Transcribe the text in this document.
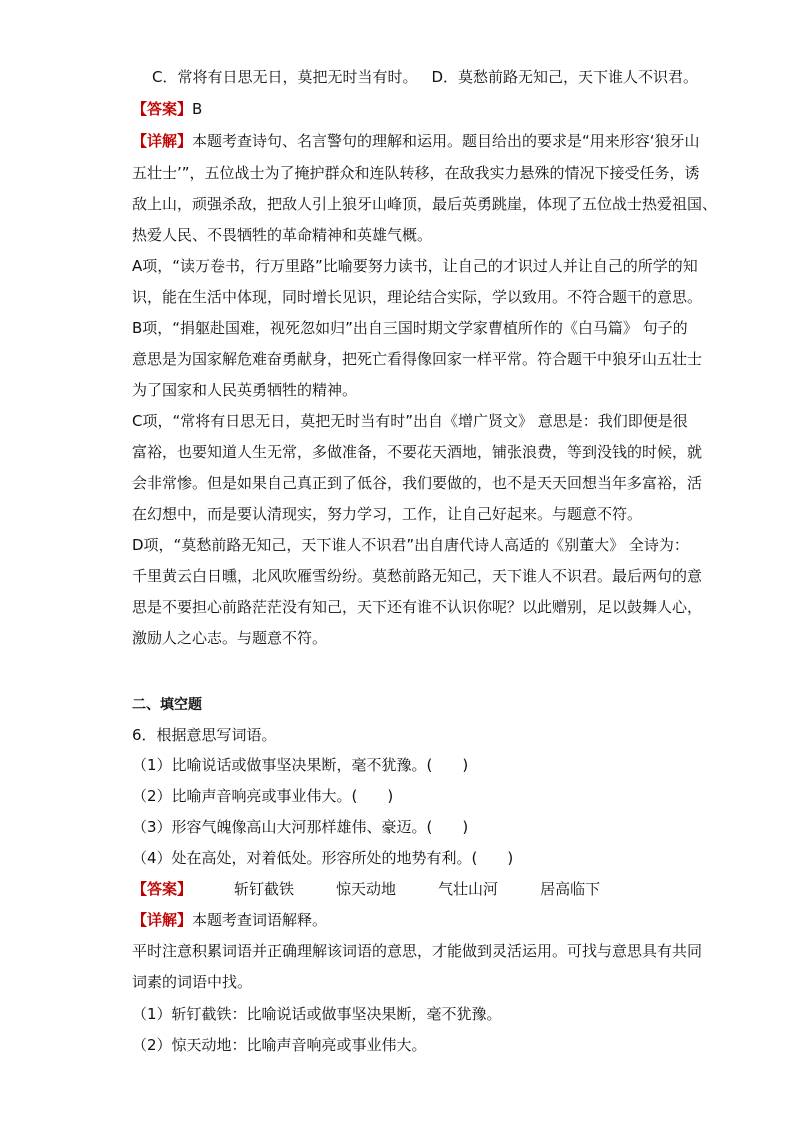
C．常将有日思无日，莫把无时当有时。 D．莫愁前路无知己，天下谁人不识君。
【答案】B
【详解】本题考查诗句、名言警句的理解和运用。题目给出的要求是“用来形容‘狼牙山
五壮士’”，五位战士为了掩护群众和连队转移，在敌我实力悬殊的情况下接受任务，诱
敌上山，顽强杀敌，把敌人引上狼牙山峰顶，最后英勇跳崖，体现了五位战士热爱祖国、
热爱人民、不畏牺牲的革命精神和英雄气概。
A项，“读万卷书，行万里路”比喻要努力读书，让自己的才识过人并让自己的所学的知
识，能在生活中体现，同时增长见识，理论结合实际，学以致用。不符合题干的意思。
B项，“捐躯赴国难，视死忽如归”出自三国时期文学家曹植所作的《白马篇》 句子的
意思是为国家解危难奋勇献身，把死亡看得像回家一样平常。符合题干中狼牙山五壮士
为了国家和人民英勇牺牲的精神。
C项，“常将有日思无日，莫把无时当有时”出自《增广贤文》 意思是：我们即便是很
富裕，也要知道人生无常，多做准备，不要花天酒地，铺张浪费，等到没钱的时候，就
会非常惨。但是如果自己真正到了低谷，我们要做的，也不是天天回想当年多富裕，活
在幻想中，而是要认清现实，努力学习，工作，让自己好起来。与题意不符。
D项，“莫愁前路无知己，天下谁人不识君”出自唐代诗人高适的《别董大》 全诗为：
千里黄云白日曛，北风吹雁雪纷纷。莫愁前路无知己，天下谁人不识君。最后两句的意
思是不要担心前路茫茫没有知己，天下还有谁不认识你呢？以此赠别，足以鼓舞人心，
激励人之心志。与题意不符。
二、填空题
6．根据意思写词语。
（1）比喻说话或做事坚决果断，毫不犹豫。(　　)
（2）比喻声音响亮或事业伟大。(　　)
（3）形容气魄像高山大河那样雄伟、豪迈。(　　)
（4）处在高处，对着低处。形容所处的地势有利。(　　)
【答案】	斩钉截铁	惊天动地	气壮山河	居高临下
【详解】本题考查词语解释。
平时注意积累词语并正确理解该词语的意思，才能做到灵活运用。可找与意思具有共同
词素的词语中找。
（1）斩钉截铁：比喻说话或做事坚决果断，毫不犹豫。
（2）惊天动地：比喻声音响亮或事业伟大。
